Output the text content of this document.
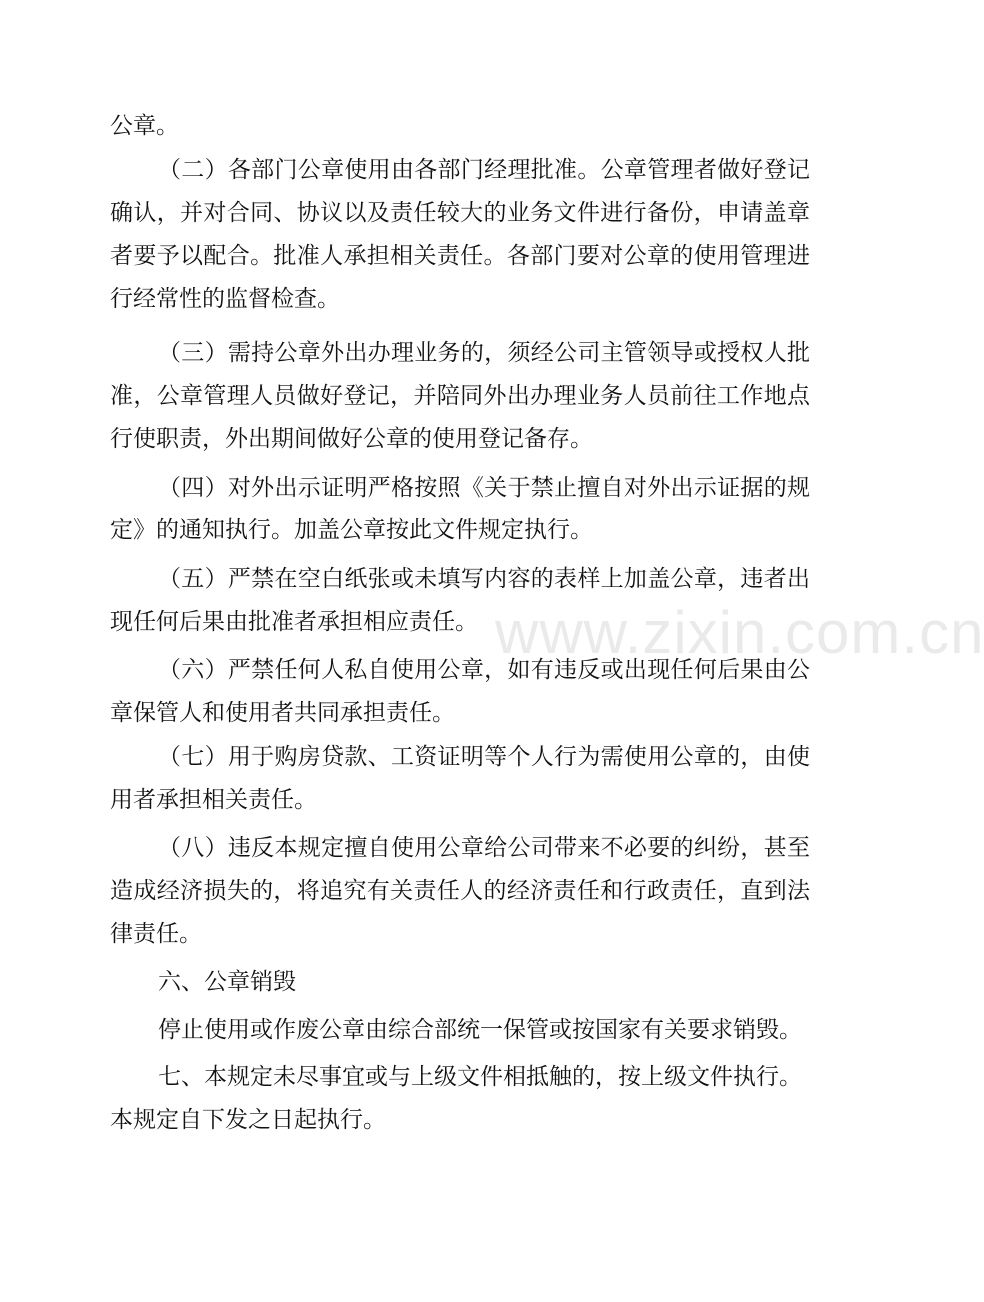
公章。
（二）各部门公章使用由各部门经理批准。公章管理者做好登记
确认，并对合同、协议以及责任较大的业务文件进行备份，申请盖章
者要予以配合。批准人承担相关责任。各部门要对公章的使用管理进
行经常性的监督检查。
（三）需持公章外出办理业务的，须经公司主管领导或授权人批
准，公章管理人员做好登记，并陪同外出办理业务人员前往工作地点
行使职责，外出期间做好公章的使用登记备存。
（四）对外出示证明严格按照《关于禁止擅自对外出示证据的规
定》的通知执行。加盖公章按此文件规定执行。
（五）严禁在空白纸张或未填写内容的表样上加盖公章，违者出
现任何后果由批准者承担相应责任。
（六）严禁任何人私自使用公章，如有违反或出现任何后果由公
章保管人和使用者共同承担责任。
（七）用于购房贷款、工资证明等个人行为需使用公章的，由使
用者承担相关责任。
（八）违反本规定擅自使用公章给公司带来不必要的纠纷，甚至
造成经济损失的，将追究有关责任人的经济责任和行政责任，直到法
律责任。
六、公章销毁
停止使用或作废公章由综合部统一保管或按国家有关要求销毁。
七、本规定未尽事宜或与上级文件相抵触的，按上级文件执行。
本规定自下发之日起执行。
www.zixin.com.cn
